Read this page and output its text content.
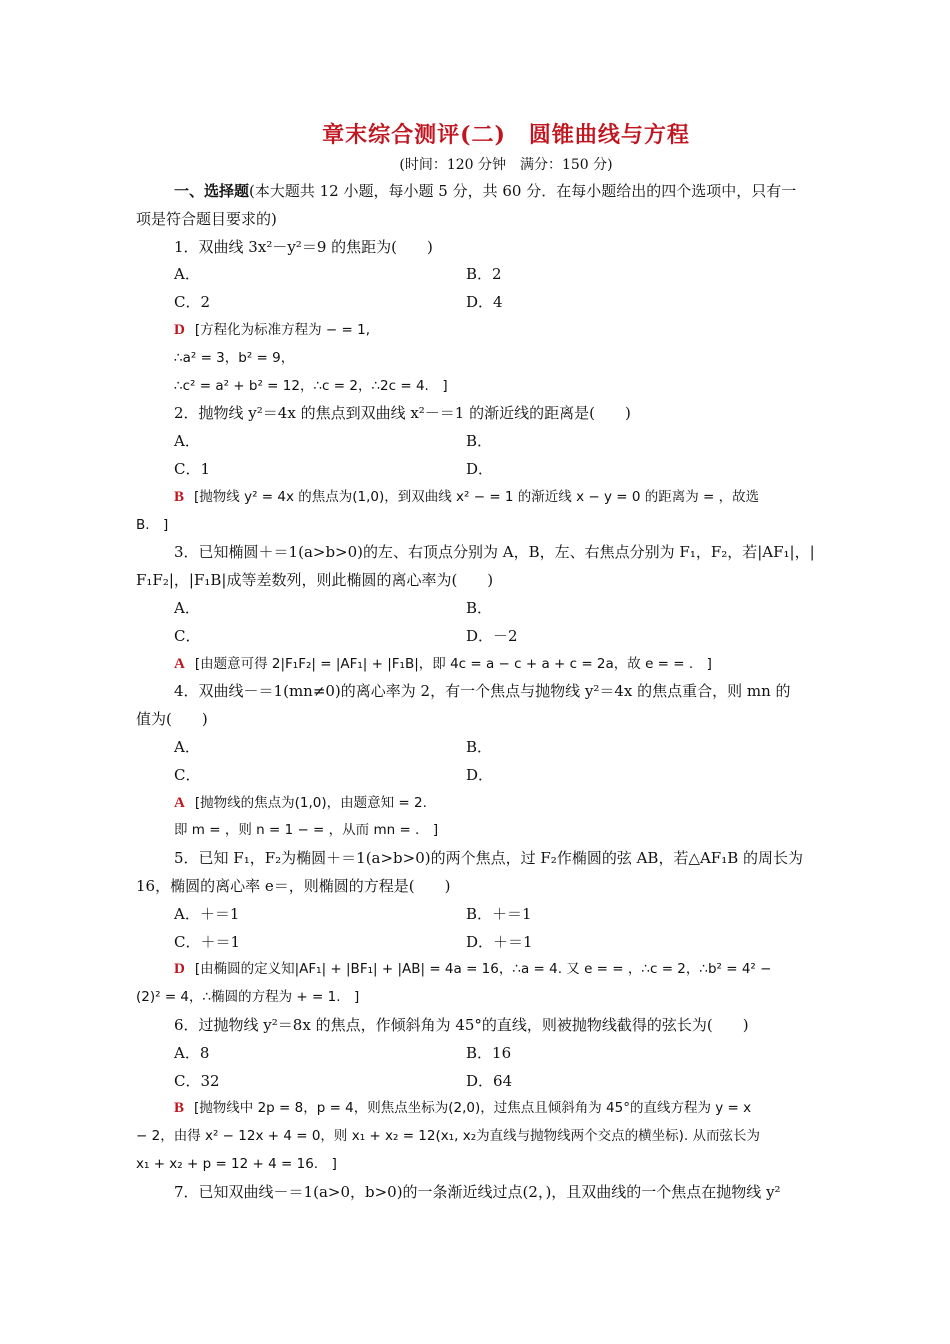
章末综合测评(二)　圆锥曲线与方程
(时间：120 分钟　满分：150 分)
一、选择题(本大题共 12 小题，每小题 5 分，共 60 分．在每小题给出的四个选项中，只有一
项是符合题目要求的)
1．双曲线 3x²－y²＝9 的焦距为(　　)
A．	B．2
C．2	D．4
D [方程化为标准方程为 − = 1,
∴a² = 3，b² = 9，
∴c² = a² + b² = 12，∴c = 2，∴2c = 4.　]
2．抛物线 y²＝4x 的焦点到双曲线 x²－＝1 的渐近线的距离是(　　)
A．	B．
C．1	D．
B [抛物线 y² = 4x 的焦点为(1,0)，到双曲线 x² − = 1 的渐近线 x − y = 0 的距离为 = ，故选
B.　]
3．已知椭圆＋＝1(a>b>0)的左、右顶点分别为 A，B，左、右焦点分别为 F₁，F₂，若|AF₁|，|
F₁F₂|，|F₁B|成等差数列，则此椭圆的离心率为(　　)
A．	B．
C．	D．－2
A [由题意可得 2|F₁F₂| = |AF₁| + |F₁B|，即 4c = a − c + a + c = 2a，故 e = = .　]
4．双曲线－＝1(mn≠0)的离心率为 2，有一个焦点与抛物线 y²＝4x 的焦点重合，则 mn 的
值为(　　)
A．	B．
C．	D．
A [抛物线的焦点为(1,0)，由题意知 = 2.
即 m = ，则 n = 1 − = ，从而 mn = .　]
5．已知 F₁，F₂为椭圆＋＝1(a>b>0)的两个焦点，过 F₂作椭圆的弦 AB，若△AF₁B 的周长为
16，椭圆的离心率 e＝，则椭圆的方程是(　　)
A．＋＝1	B．＋＝1
C．＋＝1	D．＋＝1
D [由椭圆的定义知|AF₁| + |BF₁| + |AB| = 4a = 16，∴a = 4. 又 e = = ，∴c = 2，∴b² = 4² −
(2)² = 4，∴椭圆的方程为 + = 1.　]
6．过抛物线 y²＝8x 的焦点，作倾斜角为 45°的直线，则被抛物线截得的弦长为(　　)
A．8	B．16
C．32	D．64
B [抛物线中 2p = 8，p = 4，则焦点坐标为(2,0)，过焦点且倾斜角为 45°的直线方程为 y = x
− 2，由得 x² − 12x + 4 = 0，则 x₁ + x₂ = 12(x₁, x₂为直线与抛物线两个交点的横坐标). 从而弦长为
x₁ + x₂ + p = 12 + 4 = 16.　]
7．已知双曲线－＝1(a>0，b>0)的一条渐近线过点(2，)，且双曲线的一个焦点在抛物线 y²
